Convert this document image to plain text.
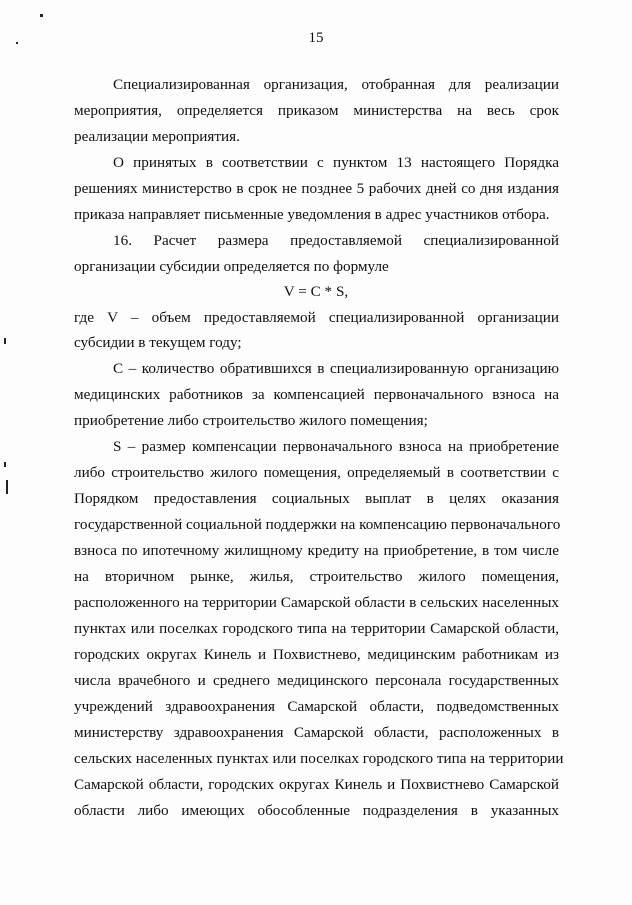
15
Специализированная организация, отобранная для реализации
мероприятия, определяется приказом министерства на весь срок
реализации мероприятия.
О принятых в соответствии с пунктом 13 настоящего Порядка
решениях министерство в срок не позднее 5 рабочих дней со дня издания
приказа направляет письменные уведомления в адрес участников отбора.
16. Расчет размера предоставляемой специализированной
организации субсидии определяется по формуле
V = C * S,
где V – объем предоставляемой специализированной организации
субсидии в текущем году;
С – количество обратившихся в специализированную организацию
медицинских работников за компенсацией первоначального взноса на
приобретение либо строительство жилого помещения;
S – размер компенсации первоначального взноса на приобретение
либо строительство жилого помещения, определяемый в соответствии с
Порядком предоставления социальных выплат в целях оказания
государственной социальной поддержки на компенсацию первоначального
взноса по ипотечному жилищному кредиту на приобретение, в том числе
на вторичном рынке, жилья, строительство жилого помещения,
расположенного на территории Самарской области в сельских населенных
пунктах или поселках городского типа на территории Самарской области,
городских округах Кинель и Похвистнево, медицинским работникам из
числа врачебного и среднего медицинского персонала государственных
учреждений здравоохранения Самарской области, подведомственных
министерству здравоохранения Самарской области, расположенных в
сельских населенных пунктах или поселках городского типа на территории
Самарской области, городских округах Кинель и Похвистнево Самарской
области либо имеющих обособленные подразделения в указанных
